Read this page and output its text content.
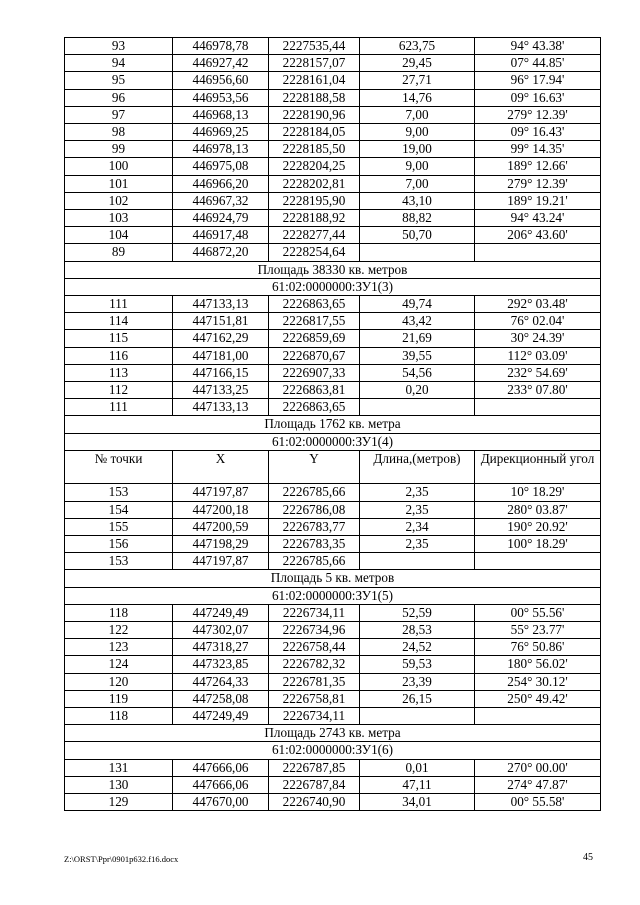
93	446978,78	2227535,44	623,75	94° 43.38'
94	446927,42	2228157,07	29,45	07° 44.85'
95	446956,60	2228161,04	27,71	96° 17.94'
96	446953,56	2228188,58	14,76	09° 16.63'
97	446968,13	2228190,96	7,00	279° 12.39'
98	446969,25	2228184,05	9,00	09° 16.43'
99	446978,13	2228185,50	19,00	99° 14.35'
100	446975,08	2228204,25	9,00	189° 12.66'
101	446966,20	2228202,81	7,00	279° 12.39'
102	446967,32	2228195,90	43,10	189° 19.21'
103	446924,79	2228188,92	88,82	94° 43.24'
104	446917,48	2228277,44	50,70	206° 43.60'
89	446872,20	2228254,64		
Площадь 38330 кв. метров				
61:02:0000000:ЗУ1(3)				
111	447133,13	2226863,65	49,74	292° 03.48'
114	447151,81	2226817,55	43,42	76° 02.04'
115	447162,29	2226859,69	21,69	30° 24.39'
116	447181,00	2226870,67	39,55	112° 03.09'
113	447166,15	2226907,33	54,56	232° 54.69'
112	447133,25	2226863,81	0,20	233° 07.80'
111	447133,13	2226863,65		
Площадь 1762 кв. метра				
61:02:0000000:ЗУ1(4)				
№ точки	X	Y	Длина,(метров)	Дирекционный угол
153	447197,87	2226785,66	2,35	10° 18.29'
154	447200,18	2226786,08	2,35	280° 03.87'
155	447200,59	2226783,77	2,34	190° 20.92'
156	447198,29	2226783,35	2,35	100° 18.29'
153	447197,87	2226785,66		
Площадь 5 кв. метров				
61:02:0000000:ЗУ1(5)				
118	447249,49	2226734,11	52,59	00° 55.56'
122	447302,07	2226734,96	28,53	55° 23.77'
123	447318,27	2226758,44	24,52	76° 50.86'
124	447323,85	2226782,32	59,53	180° 56.02'
120	447264,33	2226781,35	23,39	254° 30.12'
119	447258,08	2226758,81	26,15	250° 49.42'
118	447249,49	2226734,11		
Площадь 2743 кв. метра				
61:02:0000000:ЗУ1(6)				
131	447666,06	2226787,85	0,01	270° 00.00'
130	447666,06	2226787,84	47,11	274° 47.87'
129	447670,00	2226740,90	34,01	00° 55.58'
Z:\ORST\Ppr\0901p632.f16.docx	45
